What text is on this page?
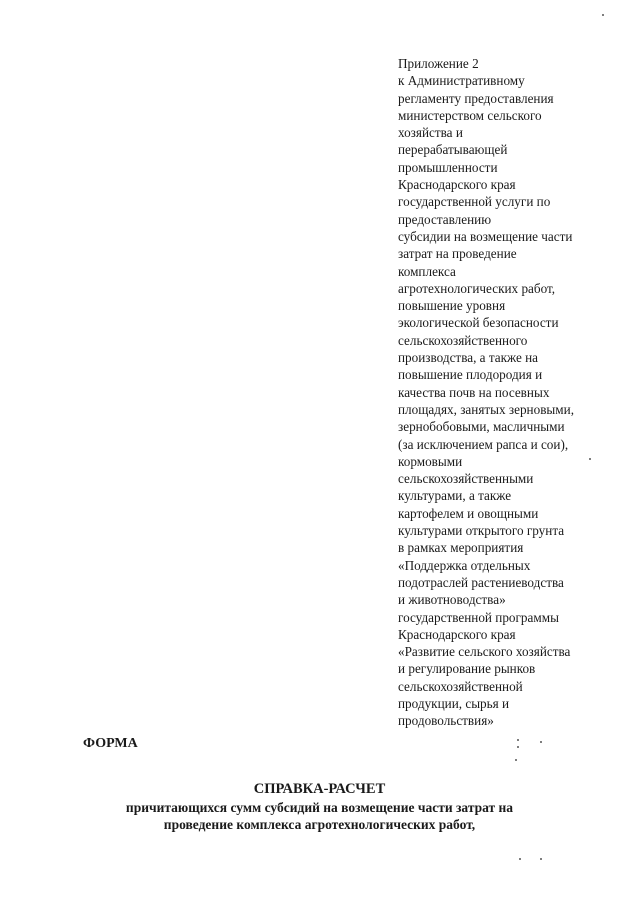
Приложение 2
к Административному
регламенту предоставления
министерством сельского
хозяйства и
перерабатывающей
промышленности
Краснодарского края
государственной услуги по
предоставлению
субсидии на возмещение части
затрат на проведение
комплекса
агротехнологических работ,
повышение уровня
экологической безопасности
сельскохозяйственного
производства, а также на
повышение плодородия и
качества почв на посевных
площадях, занятых зерновыми,
зернобобовыми, масличными
(за исключением рапса и сои),
кормовыми
сельскохозяйственными
культурами, а также
картофелем и овощными
культурами открытого грунта
в рамках мероприятия
«Поддержка отдельных
подотраслей растениеводства
и животноводства»
государственной программы
Краснодарского края
«Развитие сельского хозяйства
и регулирование рынков
сельскохозяйственной
продукции, сырья и
продовольствия»
ФОРМА
СПРАВКА-РАСЧЕТ
причитающихся сумм субсидий на возмещение части затрат на
проведение комплекса агротехнологических работ,
